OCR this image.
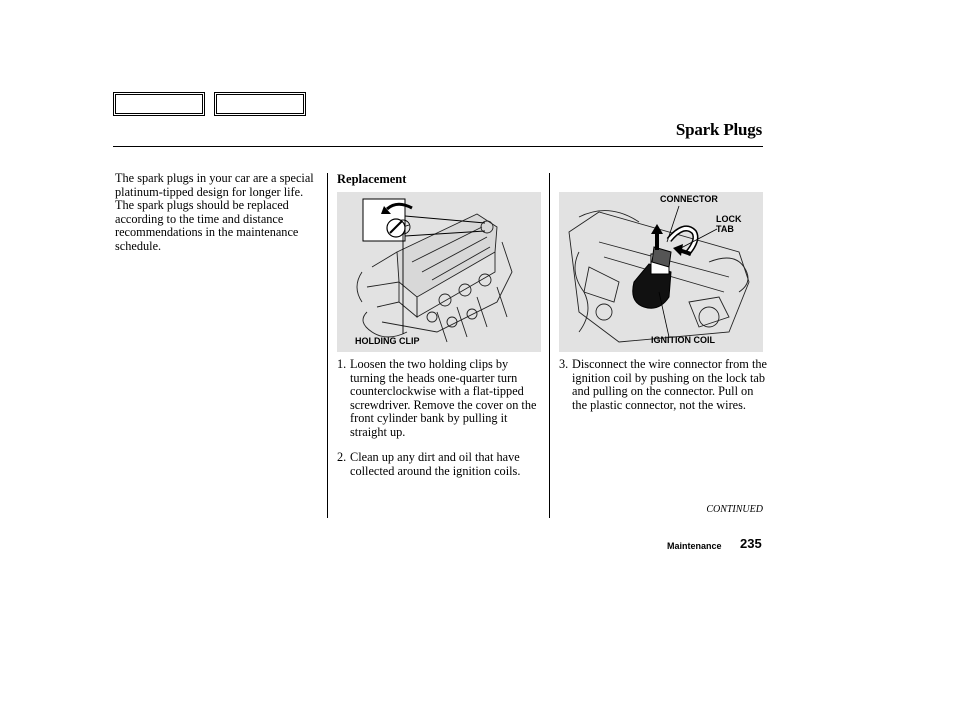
Spark Plugs
The spark plugs in your car are a special platinum-tipped design for longer life. The spark plugs should be replaced according to the time and distance recommendations in the maintenance schedule.
Replacement
HOLDING CLIP
CONNECTOR
LOCK
TAB
IGNITION COIL
1. Loosen the two holding clips by turning the heads one-quarter turn counterclockwise with a flat-tipped screwdriver. Remove the cover on the front cylinder bank by pulling it straight up.
2. Clean up any dirt and oil that have collected around the ignition coils.
3. Disconnect the wire connector from the ignition coil by pushing on the lock tab and pulling on the connector. Pull on the plastic connector, not the wires.
CONTINUED
Maintenance 235
